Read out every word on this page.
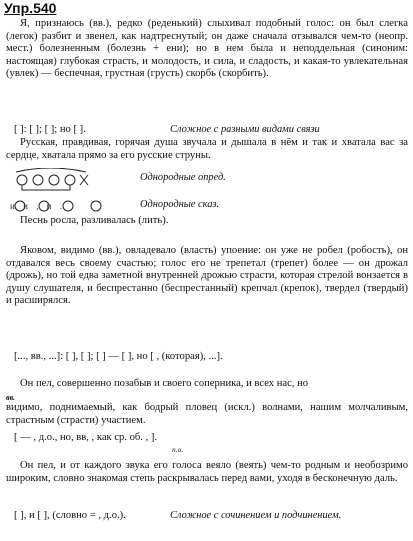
Упр.540

Я, признаюсь (вв.), редко (реденький) слыхивал подобный голос: он был слегка (легок) разбит и звенел, как надтреснутый; он даже сначала отзывался чем-то (неопр. мест.) болезненным (болезнь + ени); но в нем была и неподдельная (синоним: настоящая) глубокая страсть, и молодость, и сила, и сладость, и какая-то увлекательная (увлек) — беспечная, грустная (грусть) скорбь (скорбить).

[ ]: [ ]; [ ]; но [ ].	Сложное с разными видами связи

Русская, правдивая, горячая душа звучала и дышала в нём и так и хватала вас за сердце, хватала прямо за его русские струны.

Однородные опред.
и и , и .	Однородные сказ.
Песнь росла, разливалась (лить).

Яковом, видимо (вв.), овладевало (власть) упоение: он уже не робел (робость), он отдавался весь своему счастью; голос его не трепетал (трепет) более — он дрожал (дрожь), но той едва заметной внутренней дрожью страсти, которая стрелой вонзается в душу слушателя, и беспрестанно (беспрестанный) крепчал (крепок), твердел (твердый) и расширялся.

[..., вв., ...]: [ ], [ ]; [ ] — [ ], но [ , (которая), ...].
Он пел, совершенно позабыв и своего соперника, и всех нас, но
вв.

видимо, поднимаемый, как бодрый пловец (искл.) волнами, нашим молчаливым, страстным (страсти) участием.

[ — , д.о., но, вв, , как ср. об. , ].
п.о.

Он пел, и от каждого звука его голоса веяло (веять) чем-то родным и необозримо широким, словно знакомая степь раскрывалась перед вами, уходя в бесконечную даль.

[ ], и [ ], (словно = , д.о.).	Сложное с сочинением и подчинением.
